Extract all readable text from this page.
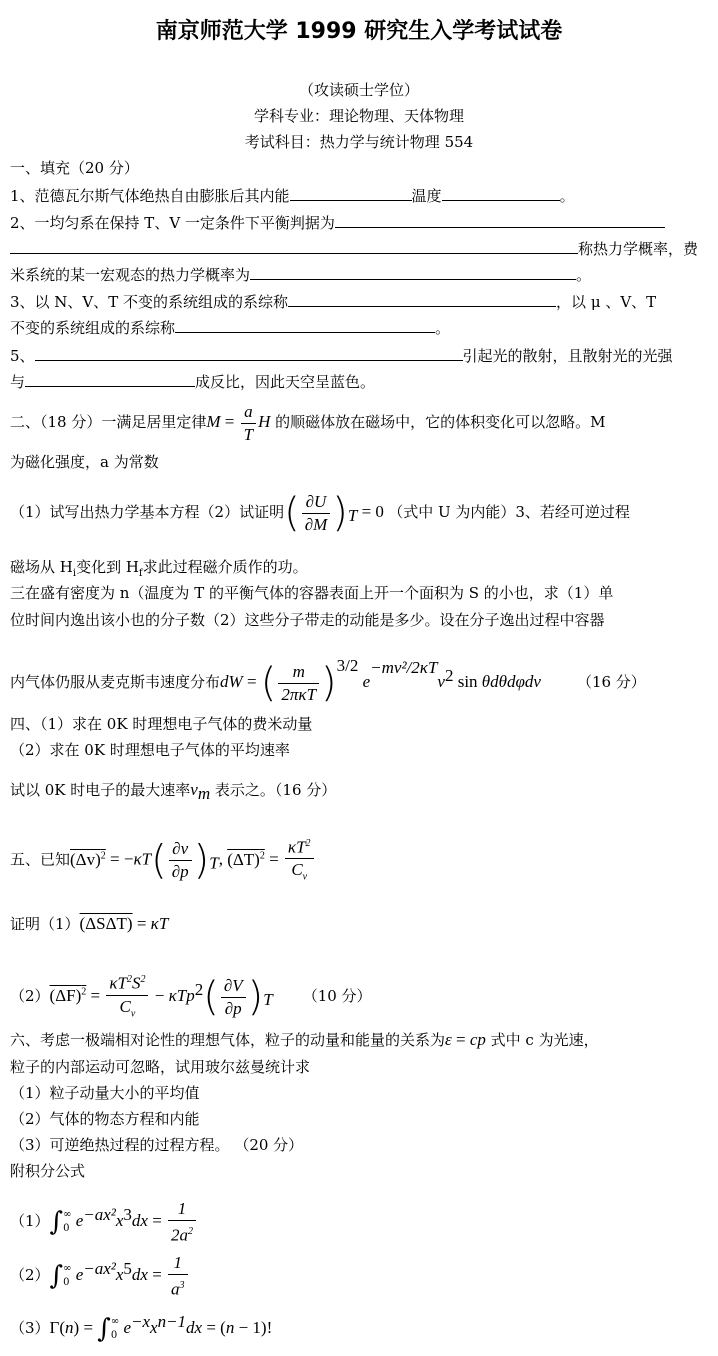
南京师范大学 1999 研究生入学考试试卷
（攻读硕士学位）
学科专业：理论物理、天体物理
考试科目：热力学与统计物理 554
一、填充（20 分）
1、范德瓦尔斯气体绝热自由膨胀后其内能	温度	。
2、一均匀系在保持 T、V 一定条件下平衡判据为
称热力学概率，费
米系统的某一宏观态的热力学概率为	。
3、以 N、V、T 不变的系统组成的系综称	，以 μ 、V、T
不变的系统组成的系综称	。
5、	引起光的散射，且散射光的光强
与	成反比，因此天空呈蓝色。
二、（18 分）一满足居里定律$M = \frac{a}{T}$ H 的顺磁体放在磁场中，它的体积变化可以忽略。M
为磁化强度，a 为常数
（1）试写出热力学基本方程（2）试证明( $\frac{\partial U}{\partial M} )_T = 0$ （式中 U 为内能）3、若经可逆过程
磁场从 $H_i$变化到 $H_f$求此过程磁介质作的功。
三在盛有密度为 n（温度为 T 的平衡气体的容器表面上开一个面积为 S 的小也，求（1）单
位时间内逸出该小也的分子数（2）这些分子带走的动能是多少。设在分子逸出过程中容器
内气体仍服从麦克斯韦速度分布dW = ( $\frac{m}{\text{2πκT}} )^{3/2}$ $e^{-mv^2/2\kappa T}v^2$ sin θdθdφdv （16 分）
四、（1）求在 0K 时理想电子气体的费米动量
（2）求在 0K 时理想电子气体的平均速率
试以 0K 时电子的最大速率$v_m$ 表示之。（16 分）
五、已知$(\Delta v)^2 = -\kappa T( \frac{\partial v}{\partial p} )_T$, $(\Delta T)^2 = \frac{\kappa T^2}{C_v}$
证明（1）(ΔSΔT) = κT
$(2)(\Delta F)^2 = \frac{\kappa T^2S^2}{C_v} - \kappa Tp^2( \frac{\partial V}{\partial p} )_T$ （10 分）
六、考虑一极端相对论性的理想气体，粒子的动量和能量的关系为ε = cp 式中 c 为光速，
粒子的内部运动可忽略，试用玻尔兹曼统计求
（1）粒子动量大小的平均值
（2）气体的物态方程和内能
（3）可逆绝热过程的过程方程。 （20 分）
附积分公式
（1）∫ ∞
0 $e^{-ax^2}x^3dx = \frac{1}{2a^2}$
（2）∫ ∞
0 $e^{-ax^2}x^5dx = \frac{1}{a^3}$
（3）Γ(n) = ∫ ∞
0 $e^{-x}x^{n-1}dx = (n - 1)$!
